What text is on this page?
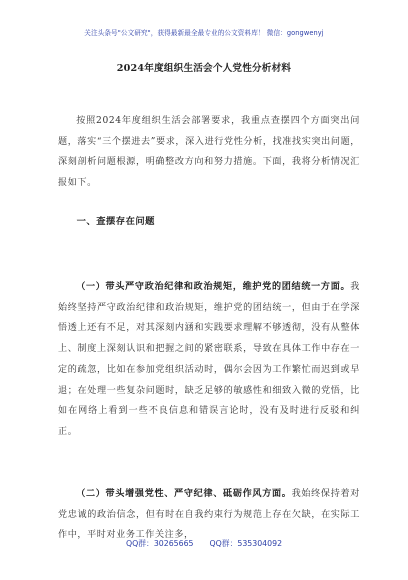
关注头条号"公文研究"，获得最新最全最专业的公文资料库！ 微信：gongwenyj
2024年度组织生活会个人党性分析材料

按照2024年度组织生活会部署要求，我重点查摆四个方面突出问题，落实“三个摆进去”要求，深入进行党性分析，找准找实突出问题，深刻剖析问题根源，明确整改方向和努力措施。下面，我将分析情况汇报如下。

一、查摆存在问题

（一）带头严守政治纪律和政治规矩，维护党的团结统一方面。我始终坚持严守政治纪律和政治规矩，维护党的团结统一，但由于在学深悟透上还有不足，对其深刻内涵和实践要求理解不够透彻，没有从整体上、制度上深刻认识和把握之间的紧密联系，导致在具体工作中存在一定的疏忽，比如在参加党组织活动时，偶尔会因为工作繁忙而迟到或早退；在处理一些复杂问题时，缺乏足够的敏感性和细致入微的党悟，比如在网络上看到一些不良信息和错误言论时，没有及时进行反驳和纠正。

（二）带头增强党性、严守纪律、砥砺作风方面。我始终保持着对党忠诚的政治信念，但有时在自我约束行为规范上存在欠缺，在实际工作中，平时对业务工作关注多，

QQ群：30265665 QQ群：535304092
